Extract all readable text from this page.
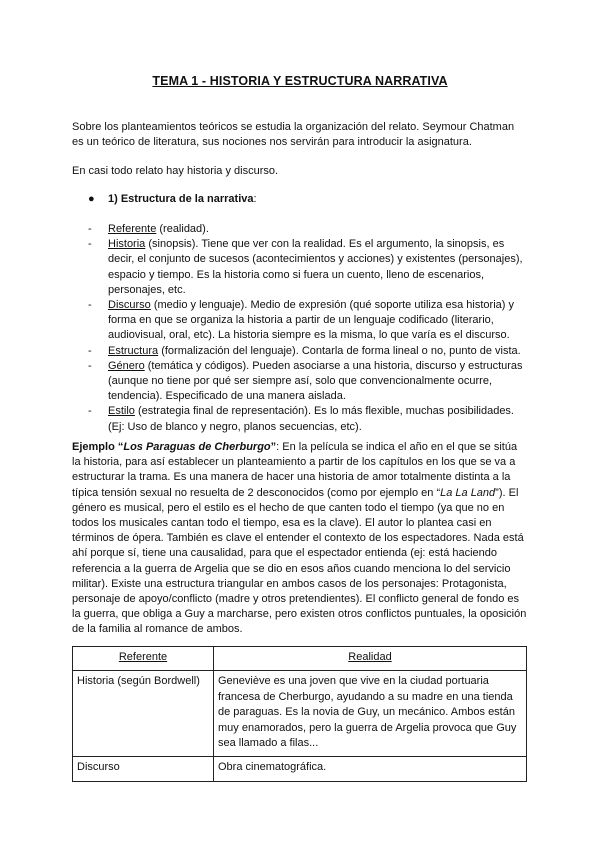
TEMA 1 - HISTORIA Y ESTRUCTURA NARRATIVA

Sobre los planteamientos teóricos se estudia la organización del relato. Seymour Chatman es un teórico de literatura, sus nociones nos servirán para introducir la asignatura.

En casi todo relato hay historia y discurso.

● 1) Estructura de la narrativa:
- Referente (realidad).
- Historia (sinopsis). Tiene que ver con la realidad. Es el argumento, la sinopsis, es decir, el conjunto de sucesos (acontecimientos y acciones) y existentes (personajes), espacio y tiempo. Es la historia como si fuera un cuento, lleno de escenarios, personajes, etc.
- Discurso (medio y lenguaje). Medio de expresión (qué soporte utiliza esa historia) y forma en que se organiza la historia a partir de un lenguaje codificado (literario, audiovisual, oral, etc). La historia siempre es la misma, lo que varía es el discurso.
- Estructura (formalización del lenguaje). Contarla de forma lineal o no, punto de vista.
- Género (temática y códigos). Pueden asociarse a una historia, discurso y estructuras (aunque no tiene por qué ser siempre así, solo que convencionalmente ocurre, tendencia). Especificado de una manera aislada.
- Estilo (estrategia final de representación). Es lo más flexible, muchas posibilidades. (Ej: Uso de blanco y negro, planos secuencias, etc).

Ejemplo “Los Paraguas de Cherburgo”: En la película se indica el año en el que se sitúa la historia, para así establecer un planteamiento a partir de los capítulos en los que se va a estructurar la trama. Es una manera de hacer una historia de amor totalmente distinta a la típica tensión sexual no resuelta de 2 desconocidos (como por ejemplo en “La La Land”). El género es musical, pero el estilo es el hecho de que canten todo el tiempo (ya que no en todos los musicales cantan todo el tiempo, esa es la clave). El autor lo plantea casi en términos de ópera. También es clave el entender el contexto de los espectadores. Nada está ahí porque sí, tiene una causalidad, para que el espectador entienda (ej: está haciendo referencia a la guerra de Argelia que se dio en esos años cuando menciona lo del servicio militar). Existe una estructura triangular en ambos casos de los personajes: Protagonista, personaje de apoyo/conflicto (madre y otros pretendientes). El conflicto general de fondo es la guerra, que obliga a Guy a marcharse, pero existen otros conflictos puntuales, la oposición de la familia al romance de ambos.

Referente	Realidad
Historia (según Bordwell)	Geneviève es una joven que vive en la ciudad portuaria francesa de Cherburgo, ayudando a su madre en una tienda de paraguas. Es la novia de Guy, un mecánico. Ambos están muy enamorados, pero la guerra de Argelia provoca que Guy sea llamado a filas...
Discurso	Obra cinematográfica.
